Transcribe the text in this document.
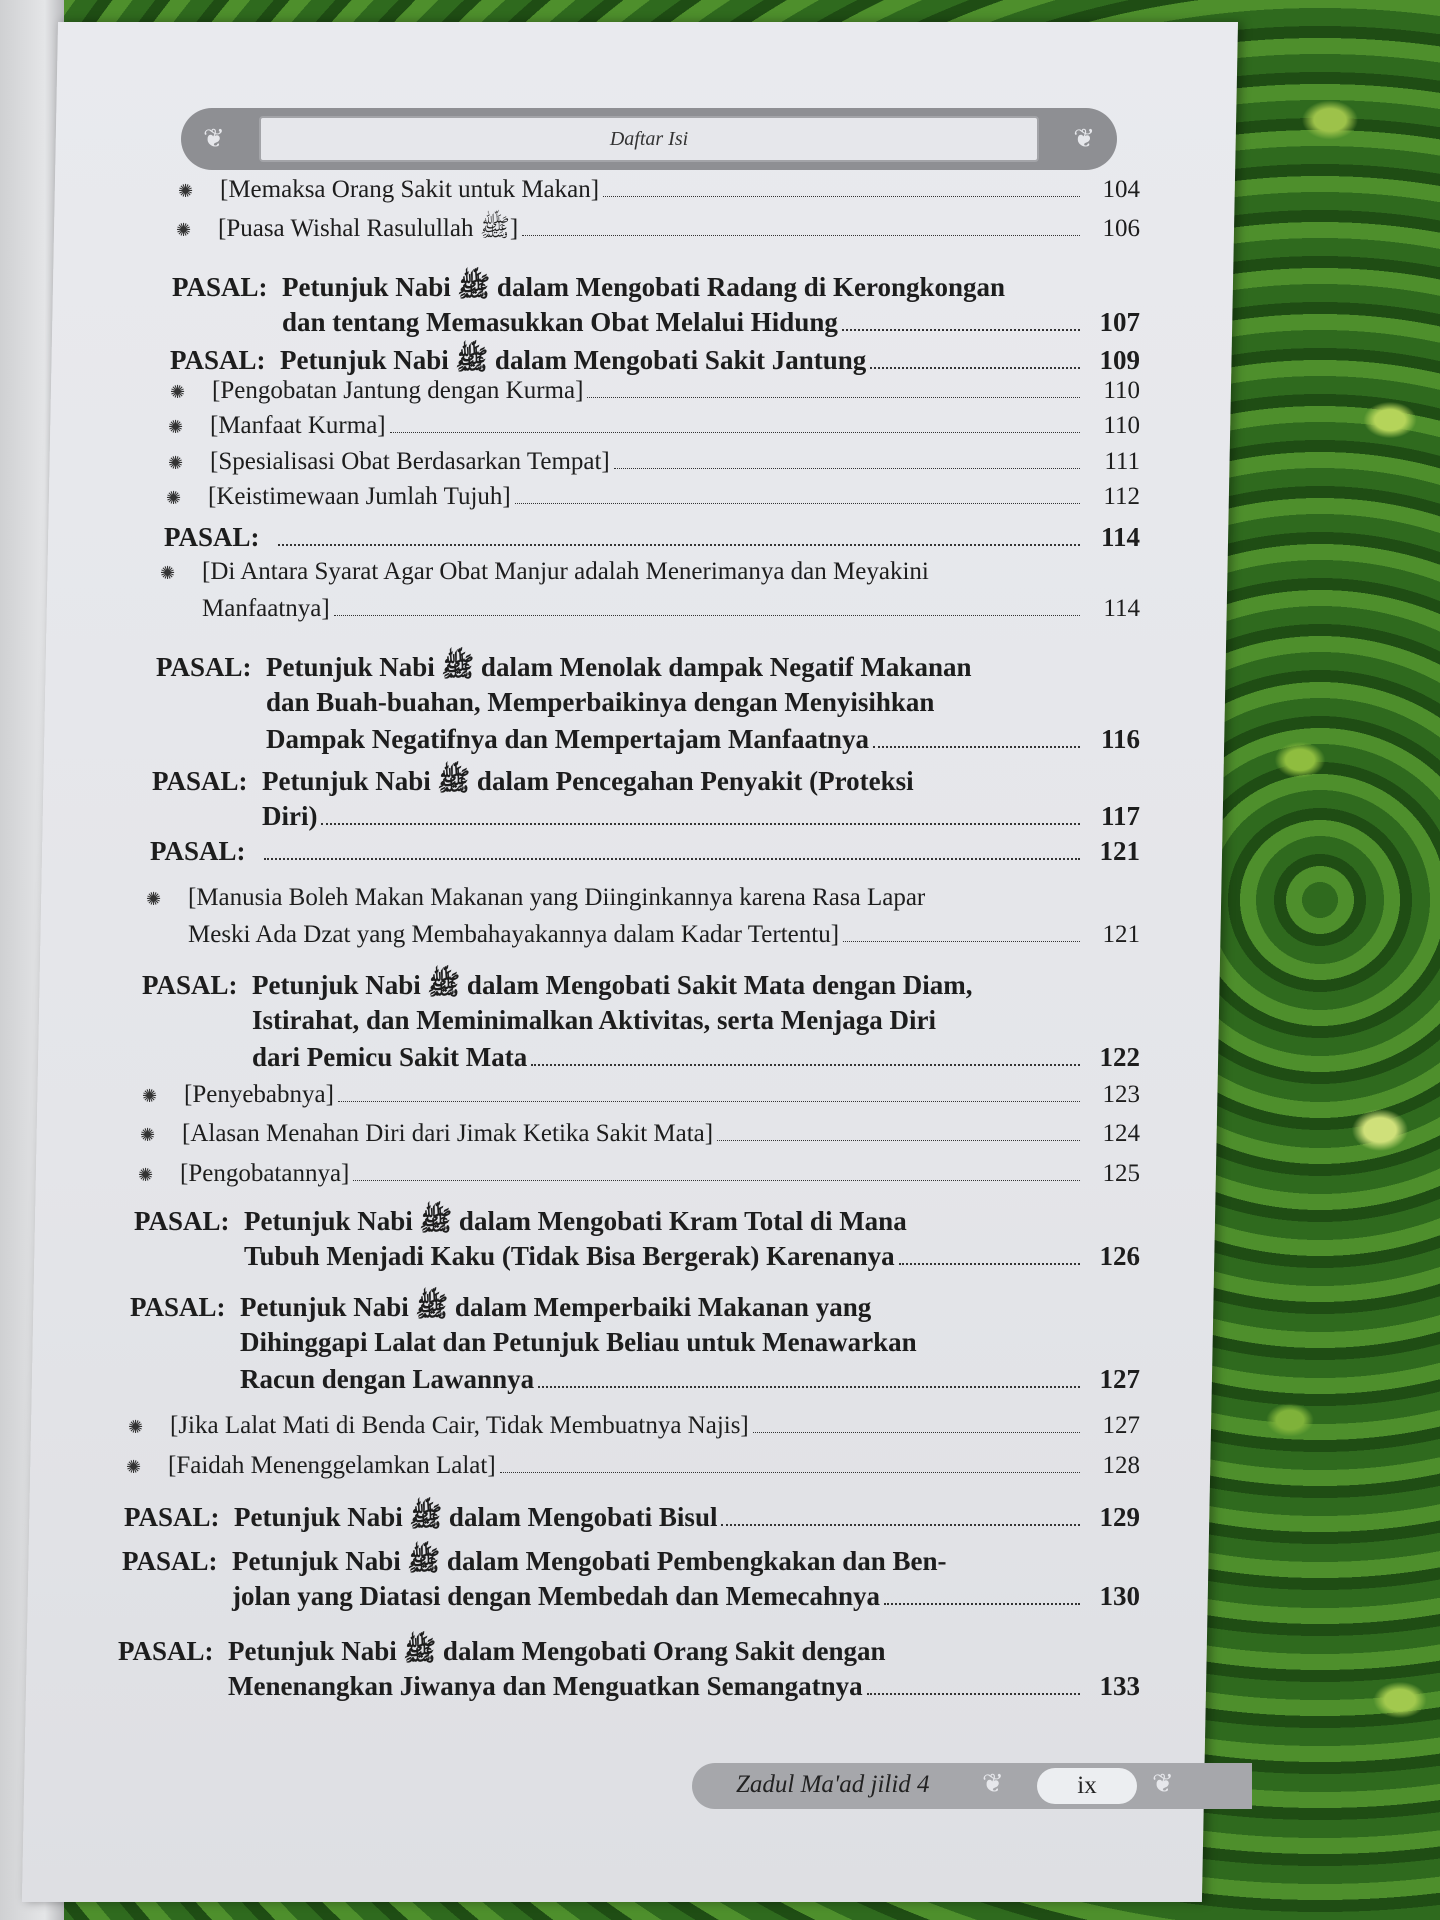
❦	Daftar Isi	❦
✺	[Memaksa Orang Sakit untuk Makan]	104
✺	[Puasa Wishal Rasulullah ﷺ]	106
PASAL: Petunjuk Nabi ﷺ dalam Mengobati Radang di Kerongkongan
dan tentang Memasukkan Obat Melalui Hidung	107
PASAL: Petunjuk Nabi ﷺ dalam Mengobati Sakit Jantung	109
✺	[Pengobatan Jantung dengan Kurma]	110
✺	[Manfaat Kurma]	110
✺	[Spesialisasi Obat Berdasarkan Tempat]	111
✺	[Keistimewaan Jumlah Tujuh]	112
PASAL:	114
✺	[Di Antara Syarat Agar Obat Manjur adalah Menerimanya dan Meyakini
Manfaatnya]	114
PASAL: Petunjuk Nabi ﷺ dalam Menolak dampak Negatif Makanan
dan Buah-buahan, Memperbaikinya dengan Menyisihkan
Dampak Negatifnya dan Mempertajam Manfaatnya	116
PASAL: Petunjuk Nabi ﷺ dalam Pencegahan Penyakit (Proteksi
Diri)	117
PASAL:	121
✺	[Manusia Boleh Makan Makanan yang Diinginkannya karena Rasa Lapar
Meski Ada Dzat yang Membahayakannya dalam Kadar Tertentu]	121
PASAL: Petunjuk Nabi ﷺ dalam Mengobati Sakit Mata dengan Diam,
Istirahat, dan Meminimalkan Aktivitas, serta Menjaga Diri
dari Pemicu Sakit Mata	122
✺	[Penyebabnya]	123
✺	[Alasan Menahan Diri dari Jimak Ketika Sakit Mata]	124
✺	[Pengobatannya]	125
PASAL: Petunjuk Nabi ﷺ dalam Mengobati Kram Total di Mana
Tubuh Menjadi Kaku (Tidak Bisa Bergerak) Karenanya	126
PASAL: Petunjuk Nabi ﷺ dalam Memperbaiki Makanan yang
Dihinggapi Lalat dan Petunjuk Beliau untuk Menawarkan
Racun dengan Lawannya	127
✺	[Jika Lalat Mati di Benda Cair, Tidak Membuatnya Najis]	127
✺	[Faidah Menenggelamkan Lalat]	128
PASAL: Petunjuk Nabi ﷺ dalam Mengobati Bisul	129
PASAL: Petunjuk Nabi ﷺ dalam Mengobati Pembengkakan dan Ben-
jolan yang Diatasi dengan Membedah dan Memecahnya	130
PASAL: Petunjuk Nabi ﷺ dalam Mengobati Orang Sakit dengan
Menenangkan Jiwanya dan Menguatkan Semangatnya	133
Zadul Ma'ad jilid 4 ❦	ix	❦
